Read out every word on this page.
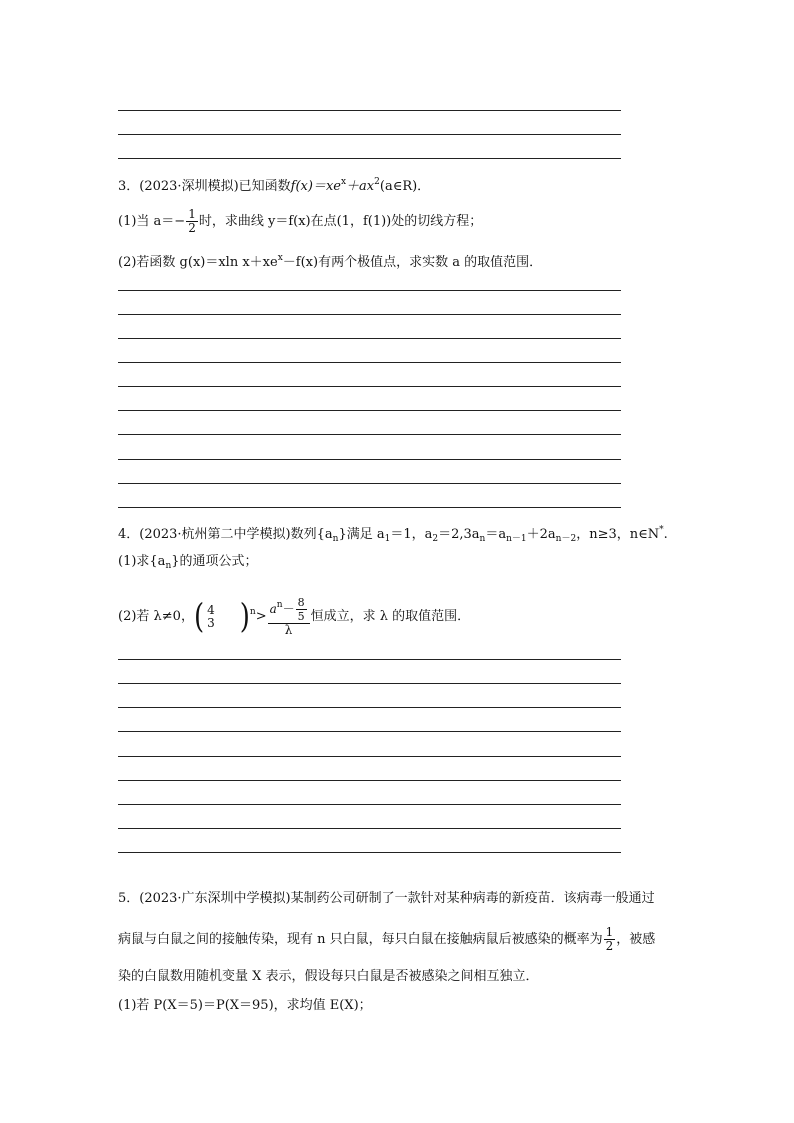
3．(2023·深圳模拟)已知函数$f(x)=xe^x+ax^2(a\in R)$．
(1)当 $a=- \frac{1}{2}$ 时，求曲线 y＝f(x)在点(1，f(1))处的切线方程；
(2)若函数 g(x)＝xln $x+xe^x-f(x)$有两个极值点，求实数 a 的取值范围．
4．(2023·杭州第二中学模拟)数列$\{a_n\}$满足 $a_1=1$，$a_2=2,3a_n=a_{n-1}+2a_{n-2}$，n≥3，n∈N*.
(1)求$\{a_n\}$的通项公式；
(2)若 λ≠0，( 4
3 )$^n> \frac{a^n- \frac{8}{5}}{\lambda}$ 恒成立，求 λ 的取值范围．
5．(2023·广东深圳中学模拟)某制药公司研制了一款针对某种病毒的新疫苗．该病毒一般通过
病鼠与白鼠之间的接触传染，现有 n 只白鼠，每只白鼠在接触病鼠后被感染的概率为 $\frac{1}{2}$ ，被感
染的白鼠数用随机变量 X 表示，假设每只白鼠是否被感染之间相互独立．
(1)若 P(X＝5)＝P(X＝95)，求均值 E(X)；
